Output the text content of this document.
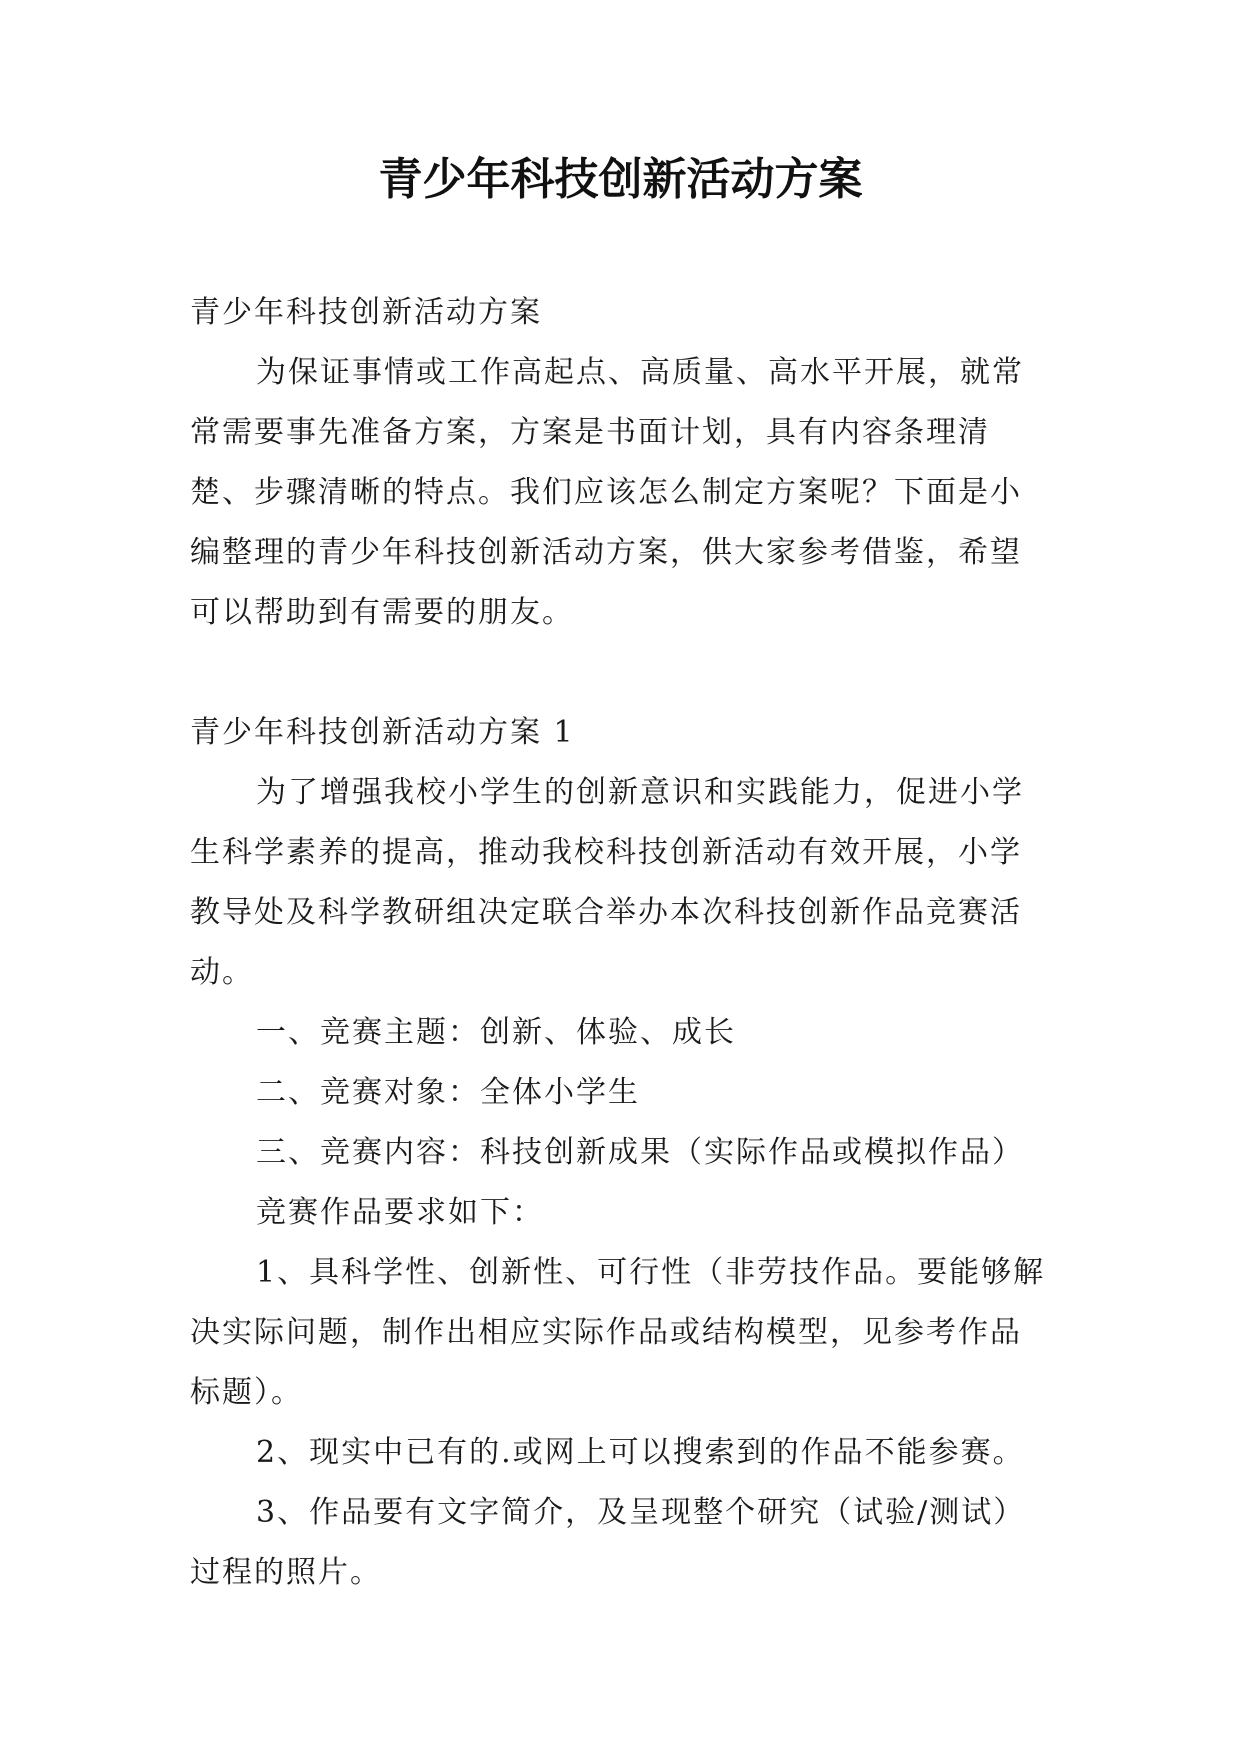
青少年科技创新活动方案

青少年科技创新活动方案

为保证事情或工作高起点、高质量、高水平开展，就常常需要事先准备方案，方案是书面计划，具有内容条理清楚、步骤清晰的特点。我们应该怎么制定方案呢？下面是小编整理的青少年科技创新活动方案，供大家参考借鉴，希望可以帮助到有需要的朋友。

青少年科技创新活动方案 1

为了增强我校小学生的创新意识和实践能力，促进小学生科学素养的提高，推动我校科技创新活动有效开展，小学教导处及科学教研组决定联合举办本次科技创新作品竞赛活动。

一、竞赛主题：创新、体验、成长

二、竞赛对象：全体小学生

三、竞赛内容：科技创新成果（实际作品或模拟作品）

竞赛作品要求如下：

1、具科学性、创新性、可行性（非劳技作品。要能够解决实际问题，制作出相应实际作品或结构模型，见参考作品标题）。

2、现实中已有的.或网上可以搜索到的作品不能参赛。

3、作品要有文字简介，及呈现整个研究（试验/测试）过程的照片。
